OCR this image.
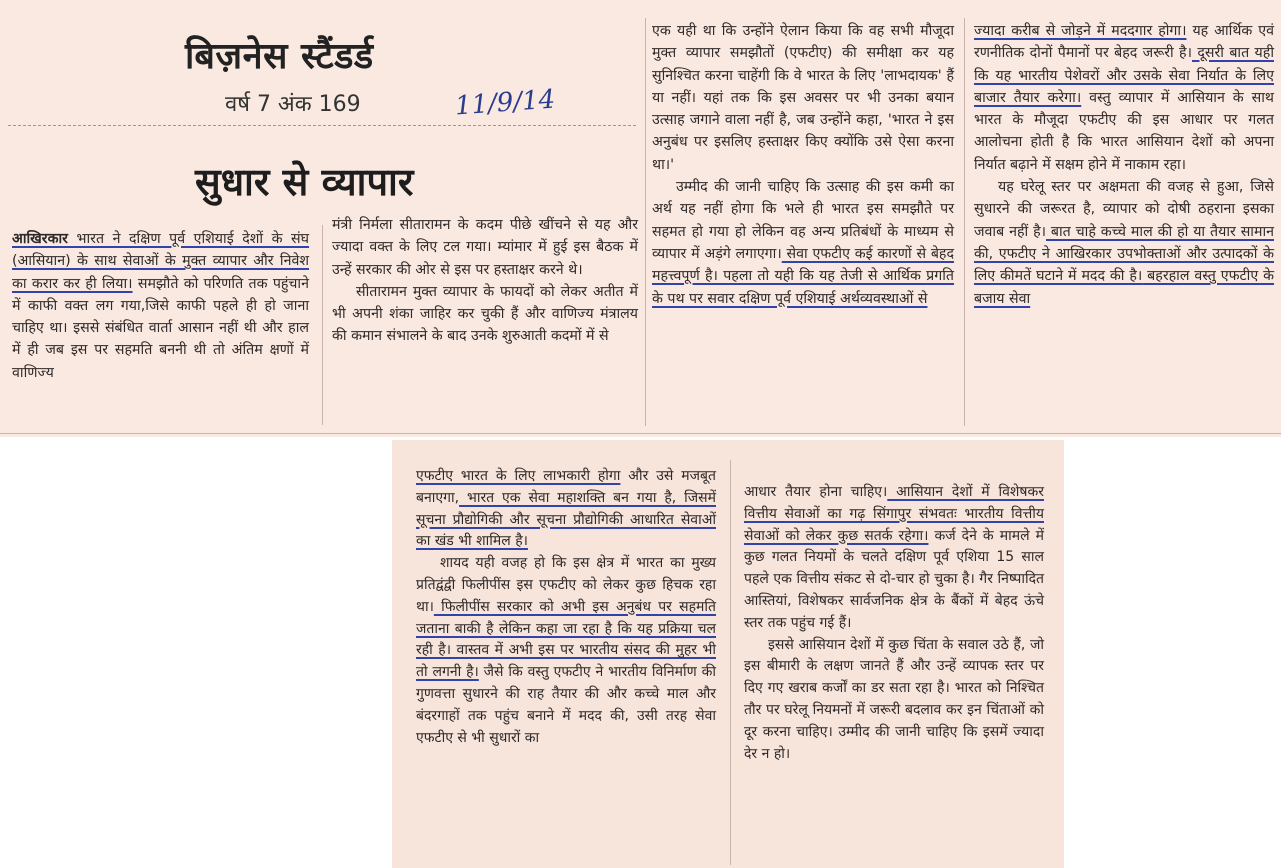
बिज़नेस स्टैंडर्ड
वर्ष 7 अंक 169	11/9/14
सुधार से व्यापार

आखिरकार भारत ने दक्षिण पूर्व एशियाई देशों के संघ (आसियान) के साथ सेवाओं के मुक्त व्यापार और निवेश का करार कर ही लिया। समझौते को परिणति तक पहुंचाने में काफी वक्त लग गया,जिसे काफी पहले ही हो जाना चाहिए था। इससे संबंधित वार्ता आसान नहीं थी और हाल में ही जब इस पर सहमति बननी थी तो अंतिम क्षणों में वाणिज्य

मंत्री निर्मला सीतारामन के कदम पीछे खींचने से यह और ज्यादा वक्त के लिए टल गया। म्यांमार में हुई इस बैठक में उन्हें सरकार की ओर से इस पर हस्ताक्षर करने थे।

सीतारामन मुक्त व्यापार के फायदों को लेकर अतीत में भी अपनी शंका जाहिर कर चुकी हैं और वाणिज्य मंत्रालय की कमान संभालने के बाद उनके शुरुआती कदमों में से

एक यही था कि उन्होंने ऐलान किया कि वह सभी मौजूदा मुक्त व्यापार समझौतों (एफटीए) की समीक्षा कर यह सुनिश्चित करना चाहेंगी कि वे भारत के लिए 'लाभदायक' हैं या नहीं। यहां तक कि इस अवसर पर भी उनका बयान उत्साह जगाने वाला नहीं है, जब उन्होंने कहा, 'भारत ने इस अनुबंध पर इसलिए हस्ताक्षर किए क्योंकि उसे ऐसा करना था।'

उम्मीद की जानी चाहिए कि उत्साह की इस कमी का अर्थ यह नहीं होगा कि भले ही भारत इस समझौते पर सहमत हो गया हो लेकिन वह अन्य प्रतिबंधों के माध्यम से व्यापार में अड़ंगे लगाएगा। सेवा एफटीए कई कारणों से बेहद महत्त्वपूर्ण है। पहला तो यही कि यह तेजी से आर्थिक प्रगति के पथ पर सवार दक्षिण पूर्व एशियाई अर्थव्यवस्थाओं से

ज्यादा करीब से जोड़ने में मददगार होगा। यह आर्थिक एवं रणनीतिक दोनों पैमानों पर बेहद जरूरी है। दूसरी बात यही कि यह भारतीय पेशेवरों और उसके सेवा निर्यात के लिए बाजार तैयार करेगा। वस्तु व्यापार में आसियान के साथ भारत के मौजूदा एफटीए की इस आधार पर गलत आलोचना होती है कि भारत आसियान देशों को अपना निर्यात बढ़ाने में सक्षम होने में नाकाम रहा।

यह घरेलू स्तर पर अक्षमता की वजह से हुआ, जिसे सुधारने की जरूरत है, व्यापार को दोषी ठहराना इसका जवाब नहीं है। बात चाहे कच्चे माल की हो या तैयार सामान की, एफटीए ने आखिरकार उपभोक्ताओं और उत्पादकों के लिए कीमतें घटाने में मदद की है। बहरहाल वस्तु एफटीए के बजाय सेवा

एफटीए भारत के लिए लाभकारी होगा और उसे मजबूत बनाएगा, भारत एक सेवा महाशक्ति बन गया है, जिसमें सूचना प्रौद्योगिकी और सूचना प्रौद्योगिकी आधारित सेवाओं का खंड भी शामिल है।

शायद यही वजह हो कि इस क्षेत्र में भारत का मुख्य प्रतिद्वंद्वी फिलीपींस इस एफटीए को लेकर कुछ हिचक रहा था। फिलीपींस सरकार को अभी इस अनुबंध पर सहमति जताना बाकी है लेकिन कहा जा रहा है कि यह प्रक्रिया चल रही है। वास्तव में अभी इस पर भारतीय संसद की मुहर भी तो लगनी है। जैसे कि वस्तु एफटीए ने भारतीय विनिर्माण की गुणवत्ता सुधारने की राह तैयार की और कच्चे माल और बंदरगाहों तक पहुंच बनाने में मदद की, उसी तरह सेवा एफटीए से भी सुधारों का

आधार तैयार होना चाहिए। आसियान देशों में विशेषकर वित्तीय सेवाओं का गढ़ सिंगापुर संभवतः भारतीय वित्तीय सेवाओं को लेकर कुछ सतर्क रहेगा। कर्ज देने के मामले में कुछ गलत नियमों के चलते दक्षिण पूर्व एशिया 15 साल पहले एक वित्तीय संकट से दो-चार हो चुका है। गैर निष्पादित आस्तियां, विशेषकर सार्वजनिक क्षेत्र के बैंकों में बेहद ऊंचे स्तर तक पहुंच गई हैं।

इससे आसियान देशों में कुछ चिंता के सवाल उठे हैं, जो इस बीमारी के लक्षण जानते हैं और उन्हें व्यापक स्तर पर दिए गए खराब कर्जों का डर सता रहा है। भारत को निश्चित तौर पर घरेलू नियमनों में जरूरी बदलाव कर इन चिंताओं को दूर करना चाहिए। उम्मीद की जानी चाहिए कि इसमें ज्यादा देर न हो।
